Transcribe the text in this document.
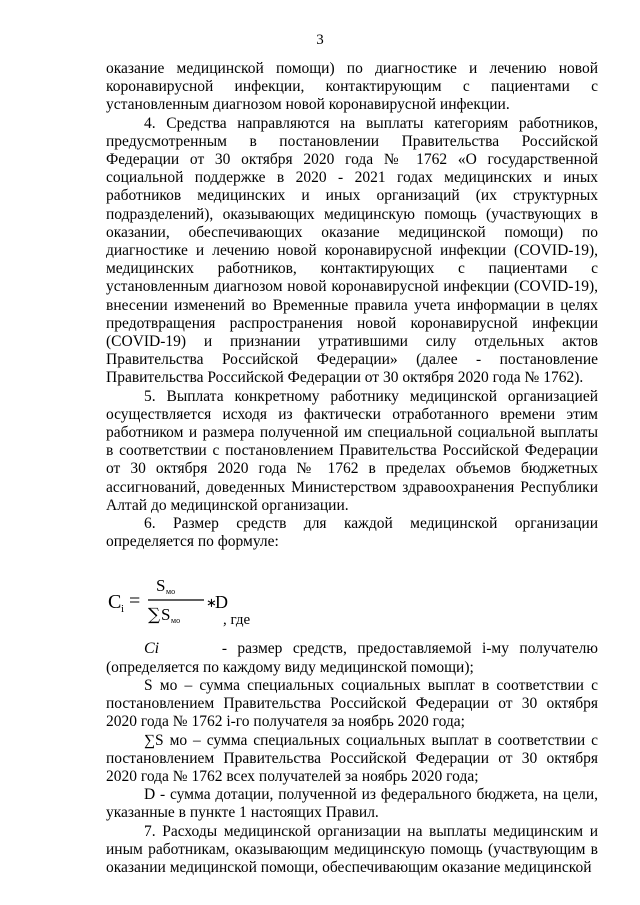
3

оказание медицинской помощи) по диагностике и лечению новой коронавирусной инфекции, контактирующим с пациентами с установленным диагнозом новой коронавирусной инфекции.

4. Средства направляются на выплаты категориям работников, предусмотренным в постановлении Правительства Российской Федерации от 30 октября 2020 года № 1762 «О государственной социальной поддержке в 2020 - 2021 годах медицинских и иных работников медицинских и иных организаций (их структурных подразделений), оказывающих медицинскую помощь (участвующих в оказании, обеспечивающих оказание медицинской помощи) по диагностике и лечению новой коронавирусной инфекции (COVID-19), медицинских работников, контактирующих с пациентами с установленным диагнозом новой коронавирусной инфекции (COVID-19), внесении изменений во Временные правила учета информации в целях предотвращения распространения новой коронавирусной инфекции (COVID-19) и признании утратившими силу отдельных актов Правительства Российской Федерации» (далее - постановление Правительства Российской Федерации от 30 октября 2020 года № 1762).

5. Выплата конкретному работнику медицинской организацией осуществляется исходя из фактически отработанного времени этим работником и размера полученной им специальной социальной выплаты в соответствии с постановлением Правительства Российской Федерации от 30 октября 2020 года № 1762 в пределах объемов бюджетных ассигнований, доведенных Министерством здравоохранения Республики Алтай до медицинской организации.

6. Размер средств для каждой медицинской организации определяется по формуле:

C i =
S мо
∑ S мо
∗
D
, где

Ci	- размер средств, предоставляемой i-му получателю (определяется по каждому виду медицинской помощи);

S мо – сумма специальных социальных выплат в соответствии с постановлением Правительства Российской Федерации от 30 октября 2020 года № 1762 i-го получателя за ноябрь 2020 года;

∑S мо – сумма специальных социальных выплат в соответствии с постановлением Правительства Российской Федерации от 30 октября 2020 года № 1762 всех получателей за ноябрь 2020 года;

D - сумма дотации, полученной из федерального бюджета, на цели, указанные в пункте 1 настоящих Правил.

7. Расходы медицинской организации на выплаты медицинским и иным работникам, оказывающим медицинскую помощь (участвующим в оказании медицинской помощи, обеспечивающим оказание медицинской
